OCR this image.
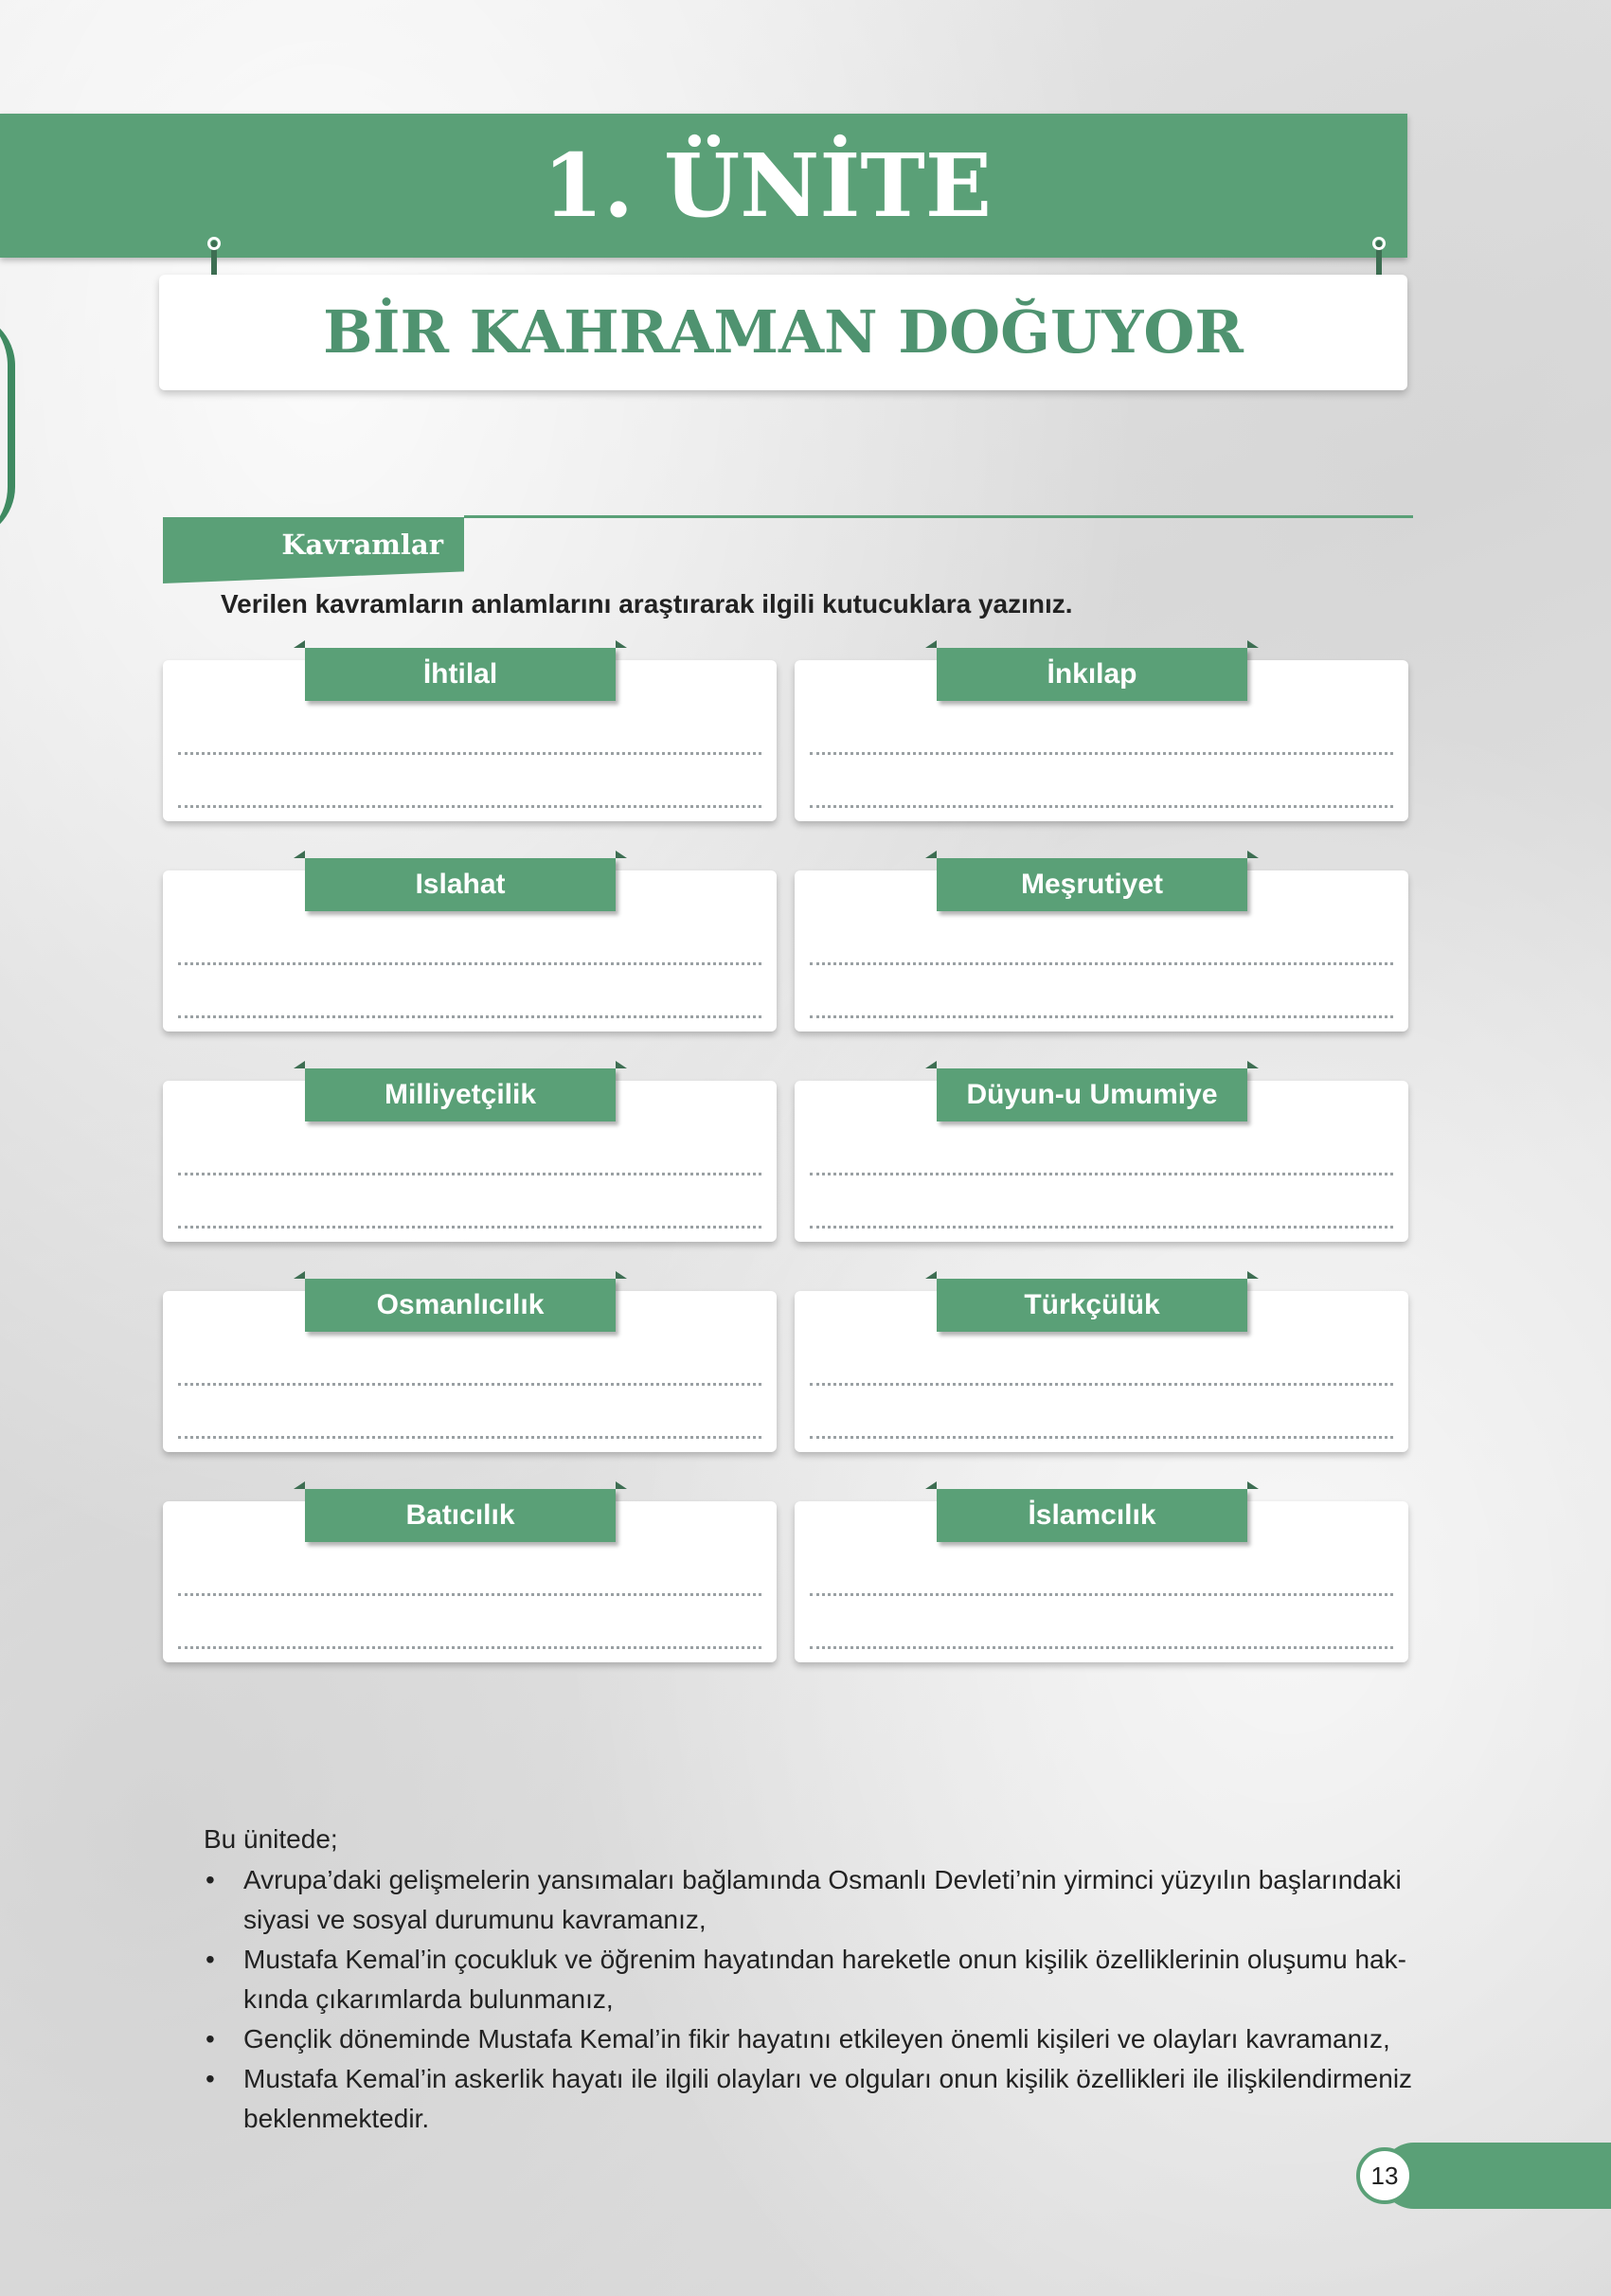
1. ÜNİTE
BİR KAHRAMAN DOĞUYOR
Kavramlar
Verilen kavramların anlamlarını araştırarak ilgili kutucuklara yazınız.
İhtilal	İnkılap
Islahat	Meşrutiyet
Milliyetçilik	Düyun-u Umumiye
Osmanlıcılık	Türkçülük
Batıcılık	İslamcılık
Bu ünitede;
• Avrupa’daki gelişmelerin yansımaları bağlamında Osmanlı Devleti’nin yirminci yüzyılın başlarındaki siyasi ve sosyal durumunu kavramanız,
• Mustafa Kemal’in çocukluk ve öğrenim hayatından hareketle onun kişilik özelliklerinin oluşumu hak-kında çıkarımlarda bulunmanız,
• Gençlik döneminde Mustafa Kemal’in fikir hayatını etkileyen önemli kişileri ve olayları kavramanız,
• Mustafa Kemal’in askerlik hayatı ile ilgili olayları ve olguları onun kişilik özellikleri ile ilişkilendirmeniz beklenmektedir.
13
